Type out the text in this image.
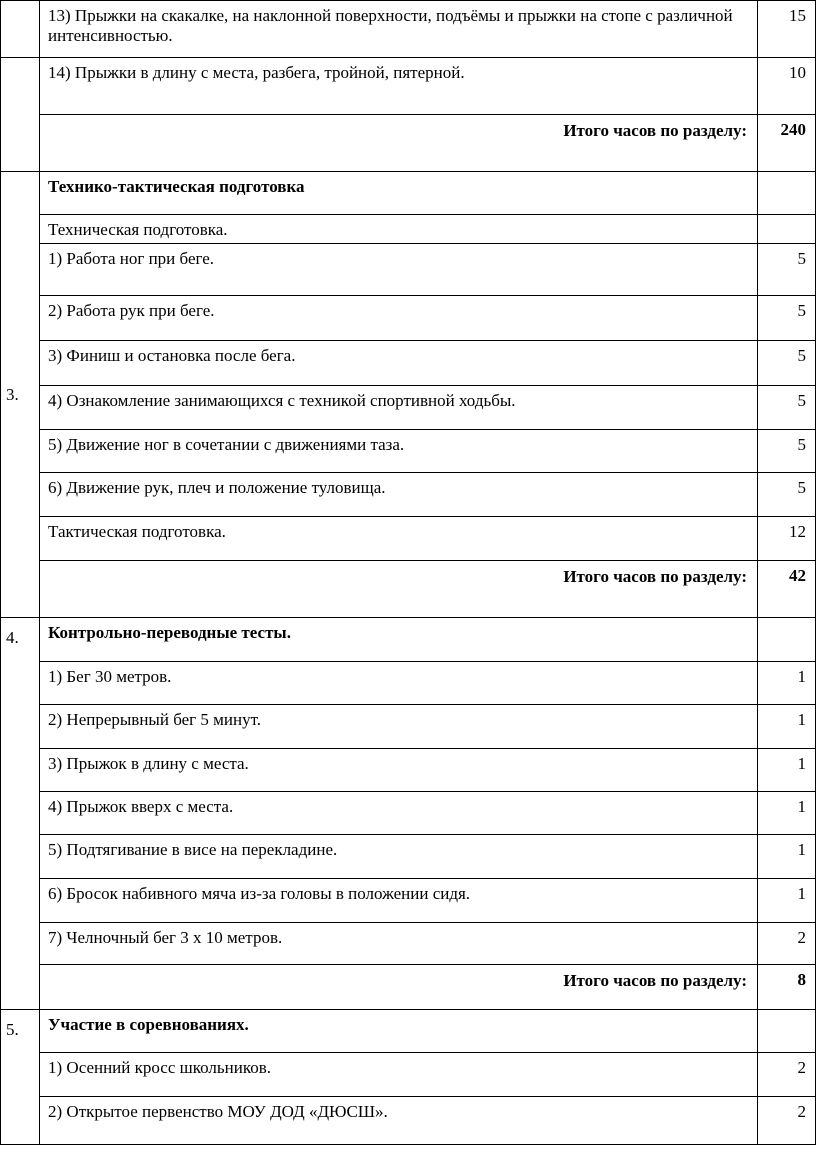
	13) Прыжки на скакалке, на наклонной поверхности, подъёмы и прыжки на стопе с различной интенсивностью.	15
	14) Прыжки в длину с места, разбега, тройной, пятерной.	10
	Итого часов по разделу:	240
3.	Технико-тактическая подготовка	
	Техническая подготовка.	
	1) Работа ног при беге.	5
	2) Работа рук при беге.	5
	3) Финиш и остановка после бега.	5
	4) Ознакомление занимающихся с техникой спортивной ходьбы.	5
	5) Движение ног в сочетании с движениями таза.	5
	6) Движение рук, плеч и положение туловища.	5
	Тактическая подготовка.	12
	Итого часов по разделу:	42
4.	Контрольно-переводные тесты.	
	1) Бег 30 метров.	1
	2) Непрерывный бег 5 минут.	1
	3) Прыжок в длину с места.	1
	4) Прыжок вверх с места.	1
	5) Подтягивание в висе на перекладине.	1
	6) Бросок набивного мяча из-за головы в положении сидя.	1
	7) Челночный бег 3 х 10 метров.	2
	Итого часов по разделу:	8
5.	Участие в соревнованиях.	
	1) Осенний кросс школьников.	2
	2) Открытое первенство МОУ ДОД «ДЮСШ».	2
